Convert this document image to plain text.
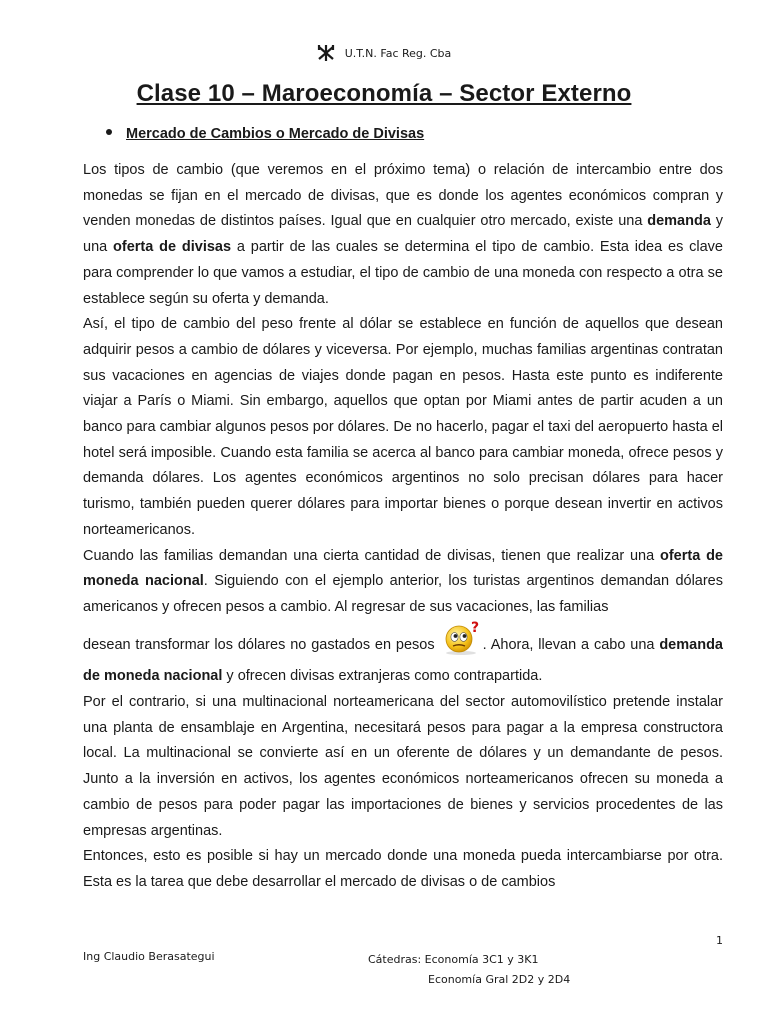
U.T.N. Fac Reg. Cba
Clase 10 – Maroeconomía – Sector Externo
Mercado de Cambios o Mercado de Divisas

Los tipos de cambio (que veremos en el próximo tema) o relación de intercambio entre dos monedas se fijan en el mercado de divisas, que es donde los agentes económicos compran y venden monedas de distintos países. Igual que en cualquier otro mercado, existe una demanda y una oferta de divisas a partir de las cuales se determina el tipo de cambio. Esta idea es clave para comprender lo que vamos a estudiar, el tipo de cambio de una moneda con respecto a otra se establece según su oferta y demanda.

Así, el tipo de cambio del peso frente al dólar se establece en función de aquellos que desean adquirir pesos a cambio de dólares y viceversa. Por ejemplo, muchas familias argentinas contratan sus vacaciones en agencias de viajes donde pagan en pesos. Hasta este punto es indiferente viajar a París o Miami. Sin embargo, aquellos que optan por Miami antes de partir acuden a un banco para cambiar algunos pesos por dólares. De no hacerlo, pagar el taxi del aeropuerto hasta el hotel será imposible. Cuando esta familia se acerca al banco para cambiar moneda, ofrece pesos y demanda dólares. Los agentes económicos argentinos no solo precisan dólares para hacer turismo, también pueden querer dólares para importar bienes o porque desean invertir en activos norteamericanos.

Cuando las familias demandan una cierta cantidad de divisas, tienen que realizar una oferta de moneda nacional. Siguiendo con el ejemplo anterior, los turistas argentinos demandan dólares americanos y ofrecen pesos a cambio. Al regresar de sus vacaciones, las familias

desean transformar los dólares no gastados en pesos
?
. Ahora, llevan a cabo una demanda de moneda nacional y ofrecen divisas extranjeras como contrapartida.

Por el contrario, si una multinacional norteamericana del sector automovilístico pretende instalar una planta de ensamblaje en Argentina, necesitará pesos para pagar a la empresa constructora local. La multinacional se convierte así en un oferente de dólares y un demandante de pesos. Junto a la inversión en activos, los agentes económicos norteamericanos ofrecen su moneda a cambio de pesos para poder pagar las importaciones de bienes y servicios procedentes de las empresas argentinas.

Entonces, esto es posible si hay un mercado donde una moneda pueda intercambiarse por otra. Esta es la tarea que debe desarrollar el mercado de divisas o de cambios

1
Ing Claudio Berasategui	Cátedras: Economía 3C1 y 3K1
Economía Gral 2D2 y 2D4
